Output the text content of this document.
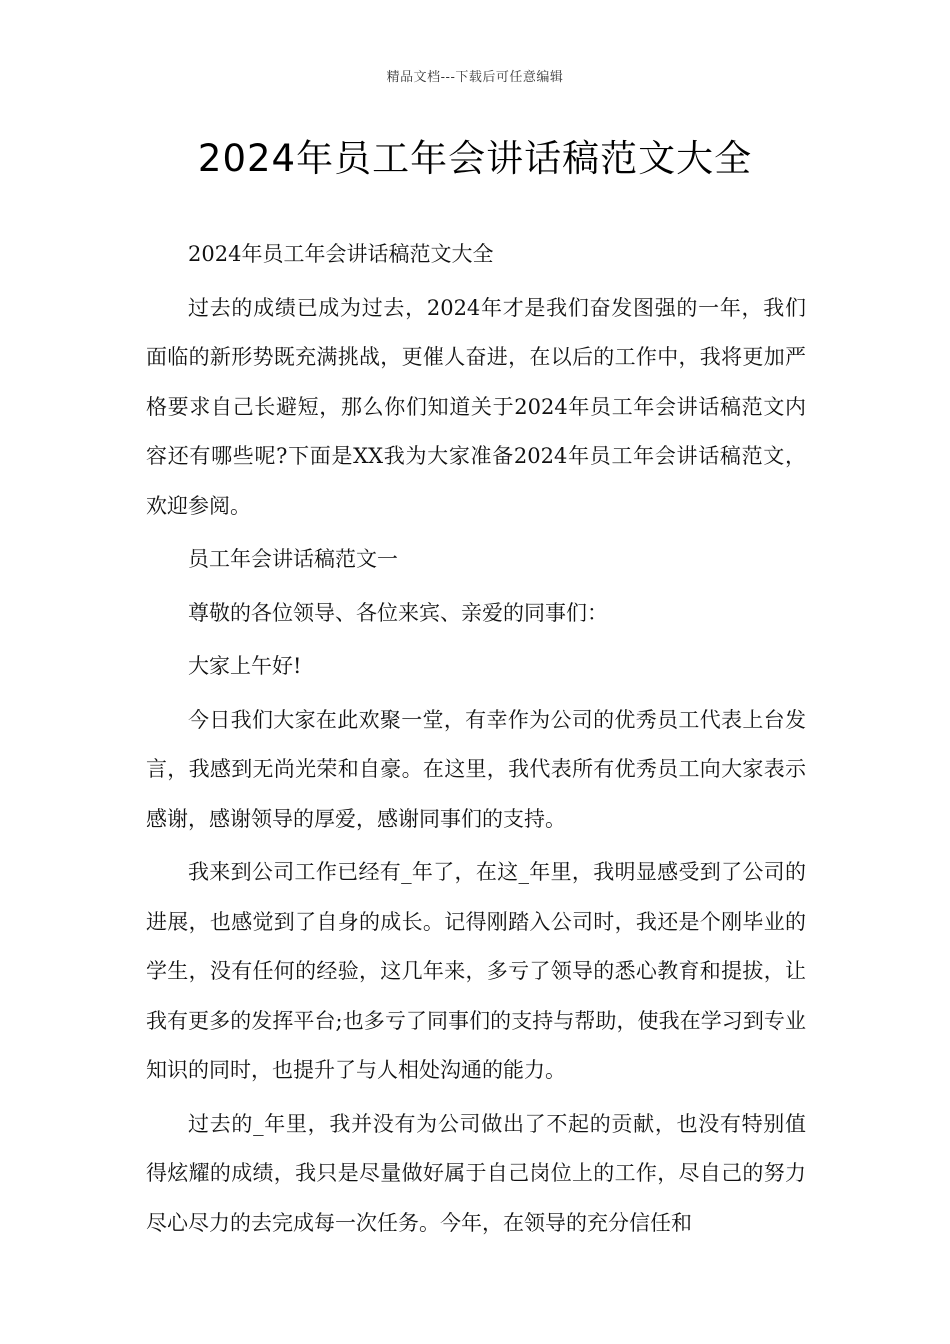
精品文档---下载后可任意编辑
2024年员工年会讲话稿范文大全

2024年员工年会讲话稿范文大全

过去的成绩已成为过去，2024年才是我们奋发图强的一年，我们面临的新形势既充满挑战，更催人奋进，在以后的工作中，我将更加严格要求自己长避短，那么你们知道关于2024年员工年会讲话稿范文内容还有哪些呢?下面是XX我为大家准备2024年员工年会讲话稿范文，欢迎参阅。

员工年会讲话稿范文一

尊敬的各位领导、各位来宾、亲爱的同事们：

大家上午好!

今日我们大家在此欢聚一堂，有幸作为公司的优秀员工代表上台发言，我感到无尚光荣和自豪。在这里，我代表所有优秀员工向大家表示感谢，感谢领导的厚爱，感谢同事们的支持。

我来到公司工作已经有_年了，在这_年里，我明显感受到了公司的进展，也感觉到了自身的成长。记得刚踏入公司时，我还是个刚毕业的学生，没有任何的经验，这几年来，多亏了领导的悉心教育和提拔，让我有更多的发挥平台;也多亏了同事们的支持与帮助，使我在学习到专业知识的同时，也提升了与人相处沟通的能力。

过去的_年里，我并没有为公司做出了不起的贡献，也没有特别值得炫耀的成绩，我只是尽量做好属于自己岗位上的工作，尽自己的努力尽心尽力的去完成每一次任务。今年，在领导的充分信任和
